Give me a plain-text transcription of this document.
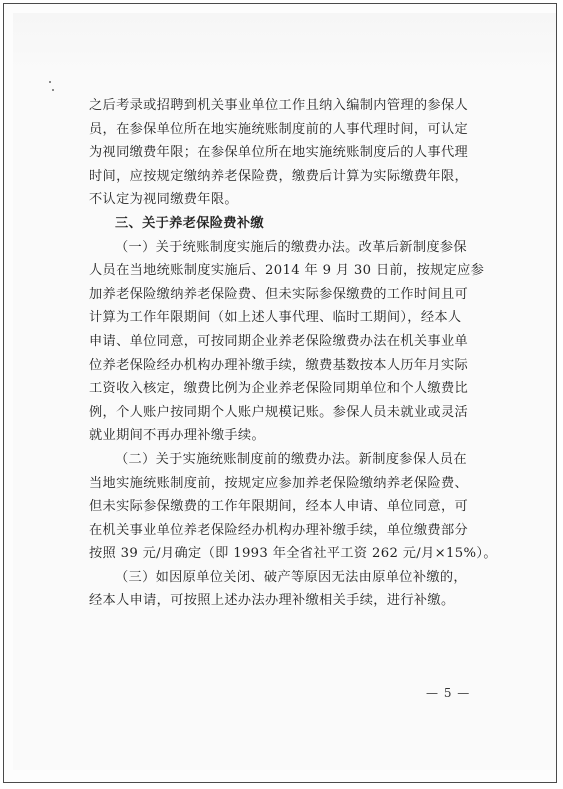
之后考录或招聘到机关事业单位工作且纳入编制内管理的参保人
员，在参保单位所在地实施统账制度前的人事代理时间，可认定
为视同缴费年限；在参保单位所在地实施统账制度后的人事代理
时间，应按规定缴纳养老保险费，缴费后计算为实际缴费年限，
不认定为视同缴费年限。
三、关于养老保险费补缴
（一）关于统账制度实施后的缴费办法。改革后新制度参保
人员在当地统账制度实施后、2014 年 9 月 30 日前，按规定应参
加养老保险缴纳养老保险费、但未实际参保缴费的工作时间且可
计算为工作年限期间（如上述人事代理、临时工期间），经本人
申请、单位同意，可按同期企业养老保险缴费办法在机关事业单
位养老保险经办机构办理补缴手续，缴费基数按本人历年月实际
工资收入核定，缴费比例为企业养老保险同期单位和个人缴费比
例，个人账户按同期个人账户规模记账。参保人员未就业或灵活
就业期间不再办理补缴手续。
（二）关于实施统账制度前的缴费办法。新制度参保人员在
当地实施统账制度前，按规定应参加养老保险缴纳养老保险费、
但未实际参保缴费的工作年限期间，经本人申请、单位同意，可
在机关事业单位养老保险经办机构办理补缴手续，单位缴费部分
按照 39 元/月确定（即 1993 年全省社平工资 262 元/月×15%）。
（三）如因原单位关闭、破产等原因无法由原单位补缴的，
经本人申请，可按照上述办法办理补缴相关手续，进行补缴。
— 5 —
